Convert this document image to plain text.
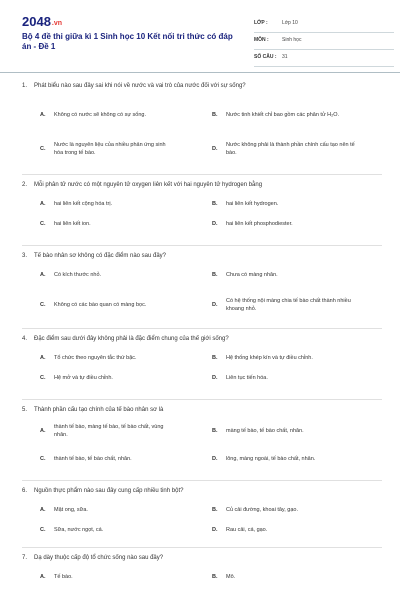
2048.vn
Bộ 4 đề thi giữa kì 1 Sinh học 10 Kết nối tri thức có đáp án - Đề 1
LỚP :	Lớp 10
MÔN :	Sinh học
SỐ CÂU : 31
1. Phát biểu nào sau đây sai khi nói về nước và vai trò của nước đối với sự sống?
A. Không có nước sẽ không có sự sống.	B. Nước tinh khiết chỉ bao gồm các phân tử H₂O.
C.
Nước là nguyên liệu của nhiều phản ứng sinh hóa trong tế bào.
D.
Nước không phải là thành phần chính cấu tạo nên tế bào.
2. Mỗi phân tử nước có một nguyên tử oxygen liên kết với hai nguyên tử hydrogen bằng
A. hai liên kết cộng hóa trị.	B. hai liên kết hydrogen.
C. hai liên kết ion.	D. hai liên kết phosphodiester.
3. Tế bào nhân sơ không có đặc điểm nào sau đây?
A. Có kích thước nhỏ.	B. Chưa có màng nhân.
C. Không có các bào quan có màng bọc.	D.
Có hệ thống nội màng chia tế bào chất thành nhiều khoang nhỏ.
4. Đặc điểm sau dưới đây không phải là đặc điểm chung của thế giới sống?
A. Tổ chức theo nguyên tắc thứ bậc.	B. Hệ thống khép kín và tự điều chỉnh.
C. Hệ mở và tự điều chỉnh.	D. Liên tục tiến hóa.
5. Thành phần cấu tạo chính của tế bào nhân sơ là
A.
thành tế bào, màng tế bào, tế bào chất, vùng nhân.
B. màng tế bào, tế bào chất, nhân.
C. thành tế bào, tế bào chất, nhân.	D. lông, màng ngoài, tế bào chất, nhân.
6. Nguồn thực phẩm nào sau đây cung cấp nhiều tinh bột?
A. Mật ong, sữa.	B. Củ cải đường, khoai tây, gạo.
C. Sữa, nước ngọt, cá.	D. Rau cải, cá, gạo.
7. Dạ dày thuộc cấp độ tổ chức sống nào sau đây?
A. Tế bào.	B. Mô.
